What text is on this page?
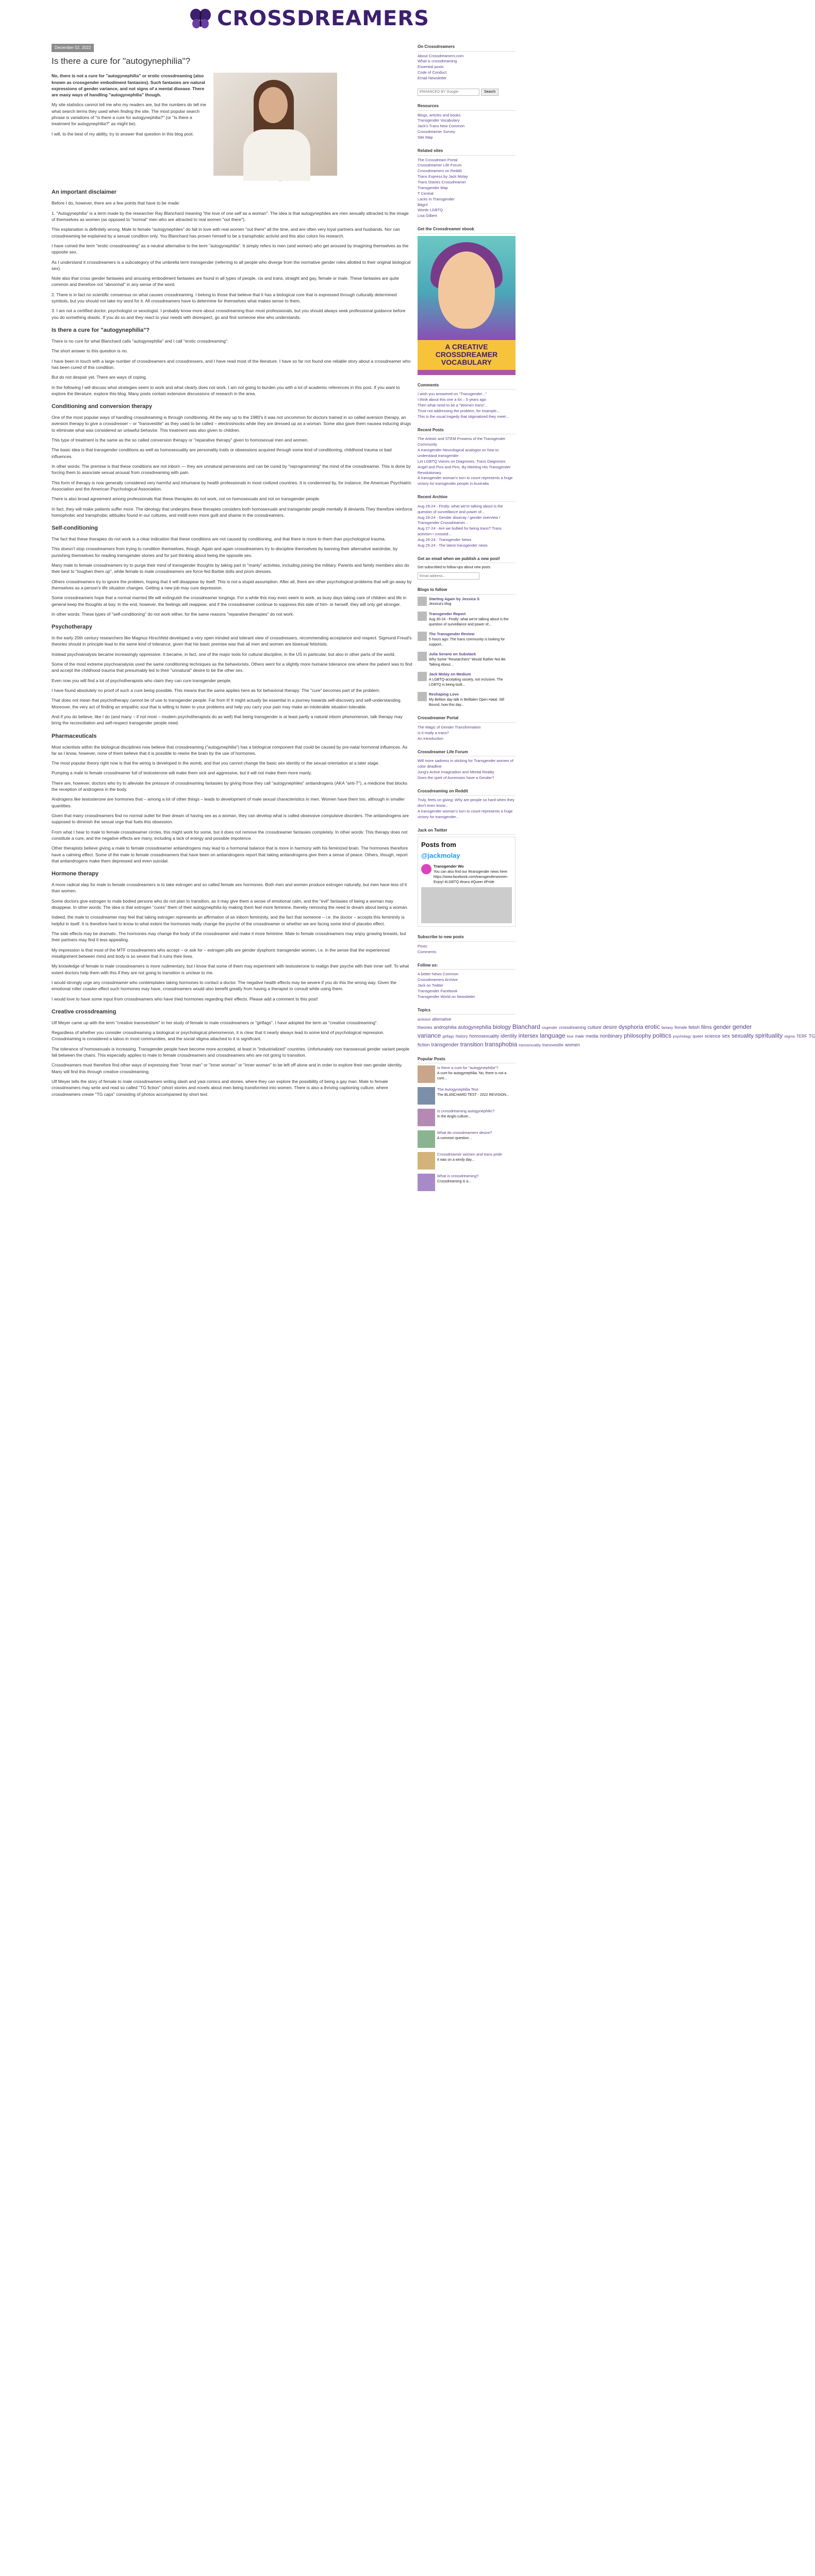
CROSSDREAMERS
December 02, 2022
Is there a cure for "autogynephilia"?

No, there is not a cure for "autogynephilia" or erotic crossdreaming (also known as crossgender embodiment fantasies). Such fantasies are natural expressions of gender variance, and not signs of a mental disease. There are many ways of handling "autogynephilia" though.

My site statistics cannot tell me who my readers are, but the numbers do tell me what search terms they used when finding the site. The most popular search phrase is variations of "is there a cure for autogynephilia?" (or "Is there a treatment for autogynephilia?" as might be).

I will, to the best of my ability, try to answer that question in this blog post.

An important disclaimer

Before I do, however, there are a few points that have to be made:

1. "Autogynephilia" is a term made by the researcher Ray Blanchard meaning "the love of one self as a woman". The idea is that autogynephiles are men sexually attracted to the image of themselves as women (as opposed to "normal" men who are attracted to real women "out there").

This explanation is definitely wrong. Male to female "autogynephiles" do fall in love with real women "out there" all the time, and are often very loyal partners and husbands. Nor can crossdreaming be explained by a sexual condition only. You Blanchard has proven himself to be a transphobic activist and this also colors his research.

I have coined the term "erotic crossdreaming" as a neutral alternative to the term "autogynephilia". It simply refers to men (and women) who get aroused by imagining themselves as the opposite sex.

As I understand it crossdreamers is a subcategory of the umbrella term transgender (referring to all people who diverge from the normative gender roles allotted to their original biological sex).

Note also that cross gender fantasies and arousing embodiment fantasies are found in all types of people, cis and trans, straight and gay, female or male. These fantasies are quite common and therefore not "abnormal" in any sense of the word.

2. There is in fact no scientific consensus on what causes crossdreaming. I belong to those that believe that it has a biological core that is expressed through culturally determined symbols, but you should not take my word for it. All crossdreamers have to determine for themselves what makes sense to them.

3. I am not a certified doctor, psychologist or sexologist. I probably know more about crossdreaming than most professionals, but you should always seek professional guidance before you do something drastic. If you do so and they react to your needs with disrespect, go and find someone else who understands.

Is there a cure for "autogynephilia"?

There is no cure for what Blanchard calls "autogynephilia" and I call "erotic crossdreaming".

The short answer to this question is no.

I have been in touch with a large number of crossdreamers and crossdressers, and I have read most of the literature. I have so far not found one reliable story about a crossdreamer who has been cured of this condition.

But do not despair yet. There are ways of coping.

In the following I will discuss what strategies seem to work and what clearly does not work. I am not going to burden you with a lot of academic references in this post. If you want to explore the literature, explore this blog. Many posts contain extensive discussions of research in the area.

Conditioning and conversion therapy

One of the most popular ways of handling crossdreaming is through conditioning. All the way up to the 1980's it was not uncommon for doctors trained in so called aversion therapy, an aversion therapy to give a crossdresser – or "transvestite" as they used to be called – electroshocks while they are dressed up as a woman. Some also gave them nausea inducing drugs to eliminate what was considered an unlawful behavior. This treatment was also given to children.

This type of treatment is the same as the so called conversion therapy or "reparative therapy" given to homosexual men and women.

The basic idea is that transgender conditions as well as homosexuality are personality traits or obsessions acquired through some kind of conditioning, childhood trauma or bad influences.

In other words: The premise is that these conditions are not inborn — they are unnatural perversions and can be cured by "reprogramming" the mind of the crossdreamer. This is done by forcing them to associate sexual arousal from crossdreaming with pain.

This form of therapy is now generally considered very harmful and inhumane by health professionals in most civilized countries. It is condemned by, for instance, the American Psychiatric Association and the American Psychological Association.

There is also broad agreement among professionals that these therapies do not work, not on homosexuals and not on transgender people.

In fact, they will make patients suffer more. The ideology that underpins these therapies considers both homosexuals and transgender people mentally ill deviants.They therefore reinforce homophobic and transphobic attitudes found in our cultures, and instill even more guilt and shame in the crossdreamers.

Self-conditioning

The fact that these therapies do not work is a clear indication that these conditions are not caused by conditioning, and that there is more to them than psychological trauma.

This doesn't stop crossdreamers from trying to condition themselves, though. Again and again crossdreamers try to discipline themselves by banning their alternative wardrobe, by punishing themselves for reading transgender stories and for just thinking about being the opposite sex.

Many male to female crossdreamers try to purge their mind of transgender thoughts by taking part in "manly" activities, including joining the military. Parents and family members also do their best to "toughen them up", while female to male crossdreamers are force-fed Barbie dolls and prom dresses.

Others crossdreamers try to ignore the problem, hoping that it will disappear by itself. This is not a stupid assumption. After all, there are other psychological problems that will go away by themselves as a person's life situation changes. Getting a new job may cure depression.

Some crossdreamers hope that a normal married life will extinguish the crossdreamer longings. For a while this may even seem to work, as busy days taking care of children and life in general keep the thoughts at bay. In the end, however, the feelings will reappear, and if the crossdreamer continue to suppress this side of him- or herself, they will only get stronger.

In other words: These types of "self-conditioning" do not work either, for the same reasons "reparative therapies" do not work.

Psychotherapy

In the early 20th century researchers like Magnus Hirschfeld developed a very open minded and tolerant view of crossdressers, recommending acceptance and respect. Sigmund Freud's theories should in principle lead to the same kind of tolerance, given that his basic premise was that all men and women are bisexual fetishists.

Instead psychoanalysis became increasingly oppressive. It became, in fact, one of the major tools for cultural discipline, in the US in particular, but also in other parts of the world.

Some of the most extreme psychoanalysis used the same conditioning techniques as the behaviorists. Others went for a slightly more humane tolerance one where the patient was to find and accept the childhood trauma that presumably led to their "unnatural" desire to be the other sex.

Even now you will find a lot of psychotherapists who claim they can cure transgender people.

I have found absolutely no proof of such a cure being possible. This means that the same applies here as for behavioral therapy: The "cure" becomes part of the problem.

That does not mean that psychotherapy cannot be of use to transgender people. Far from it! It might actually be essential in a journey towards self-discovery and self-understanding. Moreover, the very act of finding an empathic soul that is willing to listen to your problems and help you carry your pain may make an intolerable situation tolerable.

And if you do believe, like I do (and many – if not most – modern psychotherapists do as well) that being transgender is at least partly a natural inborn phenomenon, talk therapy may bring the reconciliation and self-respect transgender people need.

Pharmaceuticals

Most scientists within the biological disciplines now believe that crossdreaming ("autogynephilia") has a biological component that could be caused by pre-natal hormonal influences. As far as I know, however, none of them believe that it is possible to rewire the brain by the use of hormones.

The most popular theory right now is that the wiring is developed in the womb, and that you cannot change the basic sex identity or the sexual orientation at a later stage.

Pumping a male to female crossdreamer full of testosterone will make them sick and aggressive, but it will not make them more manly.

There are, however, doctors who try to alleviate the pressure of crossdreaming fantasies by giving those they call "autogynephiles" antiandrogens (AKA "anti-T"), a medicine that blocks the reception of androgens in the body.

Androgens like testosterone are hormones that – among a lot of other things – leads to development of male sexual characteristics in men. Women have them too, although in smaller quantities.

Given that many crossdreamers find no normal outlet for their dream of having sex as a woman, they can develop what is called obsessive compulsive disorders. The antiandrogens are supposed to diminish the sexual urge that fuels this obsession.

From what I hear to male to female crossdreamer circles, this might work for some, but it does not remove the crossdreamer fantasies completely. In other words: This therapy does not constitute a cure, and the negative effects are many, including a lack of energy and possible impotence.

Other therapists believe giving a male to female crossdreamer antiandrogens may lead to a hormonal balance that is more in harmony with his feminized brain. The hormones therefore have a calming effect. Some of the male to female crossdreamers that have been on antiandrogens report that taking antiandrogens give them a sense of peace. Others, though, report that antiandrogens make them depressed and even suicidal.

Hormone therapy

A more radical step for male to female crossdreamers is to take estrogen and so called female sex hormones. Both men and women produce estrogen naturally, but men have less of it than women.

Some doctors give estrogen to male bodied persons who do not plan to transition, as it may give them a sense of emotional calm, and the "evil" fantasies of being a woman may disappear. In other words: The idea is that estrogen "cures" them of their autogynephilia by making them feel more feminine, thereby removing the need to dream about being a woman.

Indeed, the male to crossdreamer may feel that taking estrogen represents an affirmation of an inborn femininity, and the fact that someone – i.e. the doctor – accepts this femininity is helpful in itself. It is therefore hard to know to what extent the hormones really change the psyche of the crossdreamer or whether we are facing some kind of placebo effect.

The side effects may be dramatic. The hormones may change the body of the crossdreamer and make it more feminine. Male to female crossdreamers may enjoy growing breasts, but their partners may find it less appealing.

My impression is that most of the MTF crossdreamers who accept – or ask for – estrogen pills are gender dysphoric transgender women, i.e. in the sense that the experienced misalignment between mind and body is so severe that it ruins their lives.

My knowledge of female to male crossdreamers is more rudimentary, but I know that some of them may experiment with testosterone to realign their psyche with their inner self. To what extent doctors help them with this if they are not going to transition is unclear to me.

I would strongly urge any crossdreamer who contemplates taking hormones to contact a doctor. The negative health effects may be severe if you do this the wrong way. Given the emotional roller coaster effect such hormones may have, crossdreamers would also benefit greatly from having a therapist to consult while using them.

I would love to have some input from crossdreamers who have tried hormones regarding their effects. Please add a comment to this post!

Creative crossdreaming

Ulf Meyer came up with the term "creative transvestism" in her study of female to male crossdreamers or "girlfags". I have adopted the term as "creative crossdreaming".

Regardless of whether you consider crossdreaming a biological or psychological phenomenon, it is clear that it nearly always lead to some kind of psychological repression. Crossdreaming is considered a taboo in most communities, and the social stigma attached to it is significant.

The tolerance of homosexuals is increasing. Transgender people have become more accepted, at least in "industrialized" countries. Unfortunately non transsexual gender variant people fall between the chairs. This especially applies to male to female crossdreamers and crossdreamers who are not going to transition.

Crossdreamers must therefore find other ways of expressing their "inner man" or "inner woman" or "inner woman" to be left off alone and in order to explore their own gender identity. Many will find this through creative crossdreaming.

Ulf Meyer tells the story of female to male crossdreamers writing slash and yaoi comics and stories, where they can explore the possibility of being a gay man. Male to female crossdreamers may write and read so called "TG fiction" (short stories and novels about men being transformed into women. There is also a thriving captioning culture, where crossdreamers create "TG caps" consisting of photos accompanied by short text.

On Crossdreamers
About Crossdreamers.com
What is crossdreaming
Essential posts
Code of Conduct
Email Newsletter
ENHANCED BY Google
Search
Resources
Blogs, articles and books
Transgender Vocabulary
Jack's Trans New Common
Crossdreamer Survey
Site Map
Related sites
The Crossdream Portal
Crossdreamer Life Forum
Crossdreamers on Reddit
Trans Express by Jack Molay
Trans Diaries Crossdreamer
Transgender Map
T Central
Lacks in Transgender
Bitgrrl
Words LGBTQ
Lisa Gilbert
Get the Crossdreamer ebook
A CREATIVE CROSSDREAMER VOCABULARY
Comments
I wish you answered on "Transgender..."
I think about this one a lot – 5 years ago
Then what need to be a "Women trans"...
Trust not addressing the problem, for example...
This is the usual tragedy that stigmatized they meet...
Recent Posts
The Artistic and STEM Prowess of the Transgender Community
A transgender Neurological analogist on how to understand transgender
Let LGBTQ Voices on Diagnoses, Trans Diagnoses
Angel and Pins and Pins. By Meeting His Transgender Revolutionary
A transgender woman's turn to count represents a huge victory for transgender people in Australia
Recent Archive
Aug 29-24 - Firstly: what we're talking about is the question of surveillance and power of...
Aug 28-24 - Gender disarray / gender overview / Transgender Crossdreamer...
Aug 27-24 - Are we bullied for being trans? Trans activism I crossed...
Aug 26-24 - Transgender News
Aug 25-24 - The latest transgender news
Get an email when we publish a new post!
Get subscribed to follow-ups about new posts
Email address...
Blogs to follow
Starting Again by Jessica S
Jessica's blog
Transgender Report
Aug 30-24 - Firstly: what we're talking about is the question of surveillance and power of...
The Transgender Review
5 hours ago: The trans community is looking for support...
Julia Serano on Substack
Why Some "Researchers" Would Rather Not Be Talking About...
Jack Molay on Medium
A LGBTQ-accepting society, not inclusive. The LGBTQ is being built...
Reshaping Love
My Beltion day talk in Belltalen Open Hatal. Stll Bound, how this day...
Crossdreamer Portal
The Magic of Gender Transformation
Is it really a trans?
An introduction
Crossdreamer Life Forum
Will more sadness in sticking for Transgender women of color deadline
Jung's Active Imagination and Mental Reality
Does the spirit of Ascension have a Gender?
Crossdreaming on Reddit
Truly, feels on giving: Why are people so hard when they don't even know...
A transgender woman's turn to count represents a huge victory for transgender...
Jack on Twitter
Posts from
@jackmolay
Transgender Wo
You can also find our #transgender news here: https://www.facebook.com/transgenderwomen Enjoy! #LGBTQ #trans #Queer #Pride
Subscribe to new posts
Posts
Comments
Follow us:
A better News Common
Crossdreamers Archive
Jack on Twitter
Transgender Facebook
Transgender World on Newsletter
Topics
activism alternative theories androphilia autogynephilia biology Blanchard cisgender crossdreaming culture desire dysphoria erotic fantasy female fetish films gender gender variance girlfags history homosexuality identity intersex language love male media nonbinary philosophy politics psychology queer science sex sexuality spirituality stigma TERF TG fiction transgender transition transphobia transsexuality transvestite women
Popular Posts
Is there a cure for "autogynephilia"?
A cure for autogynephilia. No, there is not a cure...
The Autogynephilia Test
The BLANCHARD TEST - 2022 REVISION...
Is crossdreaming autogynephilic?
In the Anglo culture...
What do crossdreamers desire?
A common question...
Crossdreamer women and trans pride
It was on a windy day...
What is crossdreaming?
Crossdreaming is a...
